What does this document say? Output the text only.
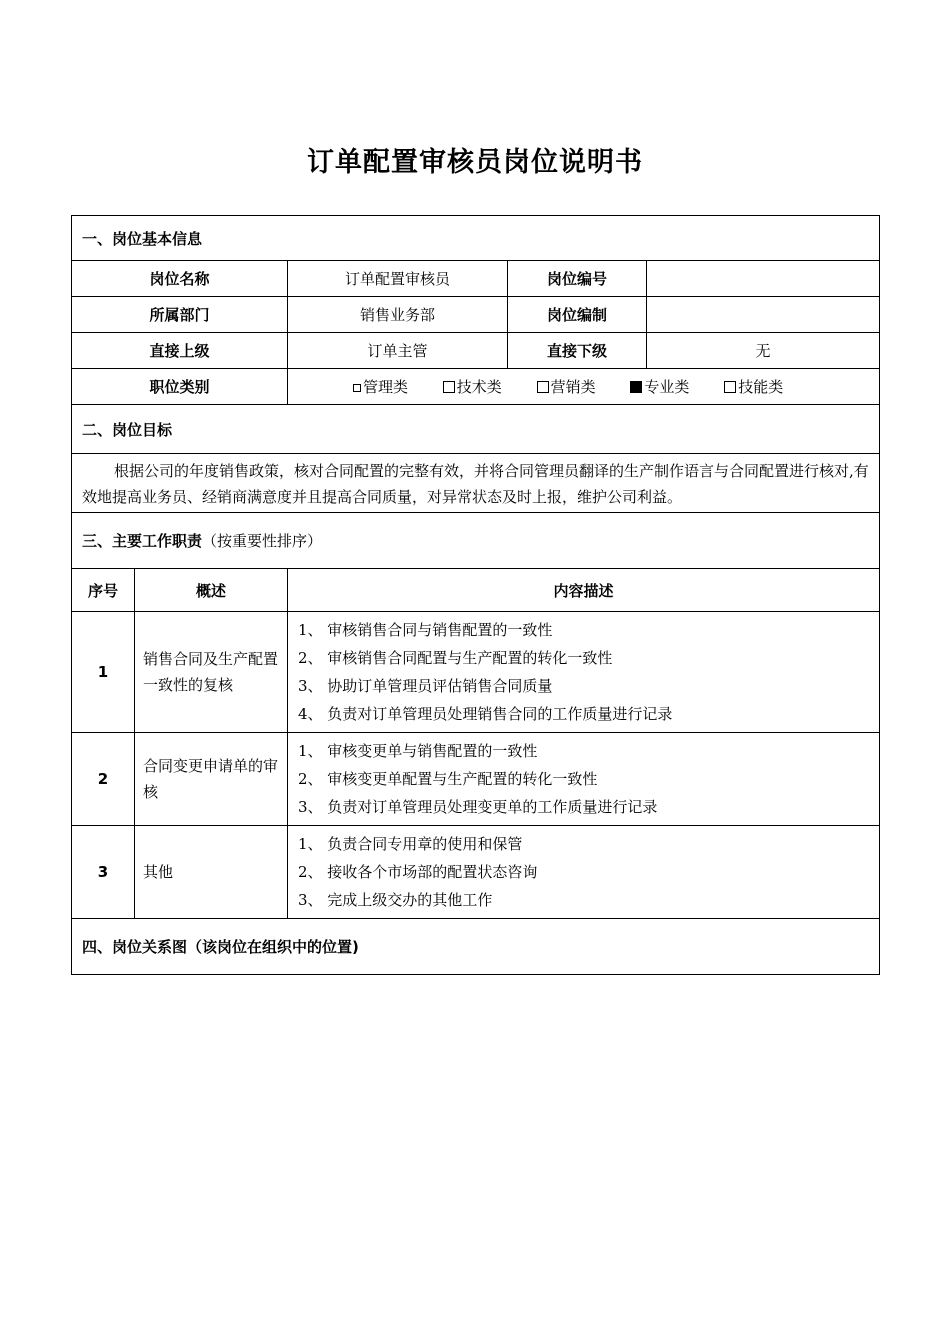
订单配置审核员岗位说明书
一、岗位基本信息				
岗位名称		订单配置审核员	岗位编号	
所属部门		销售业务部	岗位编制	
直接上级		订单主管	直接下级	无
职位类别		管理类 技术类 营销类 专业类 技能类		
二、岗位目标				
根据公司的年度销售政策，核对合同配置的完整有效，并将合同管理员翻译的生产制作语言与合同配置进行核对,有效地提高业务员、经销商满意度并且提高合同质量，对异常状态及时上报，维护公司利益。				
三、主要工作职责（按重要性排序）				
序号	概述	内容描述		
1	销售合同及生产配置一致性的复核	1、 审核销售合同与销售配置的一致性
2、 审核销售合同配置与生产配置的转化一致性
3、 协助订单管理员评估销售合同质量
4、 负责对订单管理员处理销售合同的工作质量进行记录		

2	合同变更申请单的审核	1、 审核变更单与销售配置的一致性
2、 审核变更单配置与生产配置的转化一致性
3、 负责对订单管理员处理变更单的工作质量进行记录		

3	其他	1、 负责合同专用章的使用和保管
2、 接收各个市场部的配置状态咨询
3、 完成上级交办的其他工作		

四、岗位关系图（该岗位在组织中的位置)				
